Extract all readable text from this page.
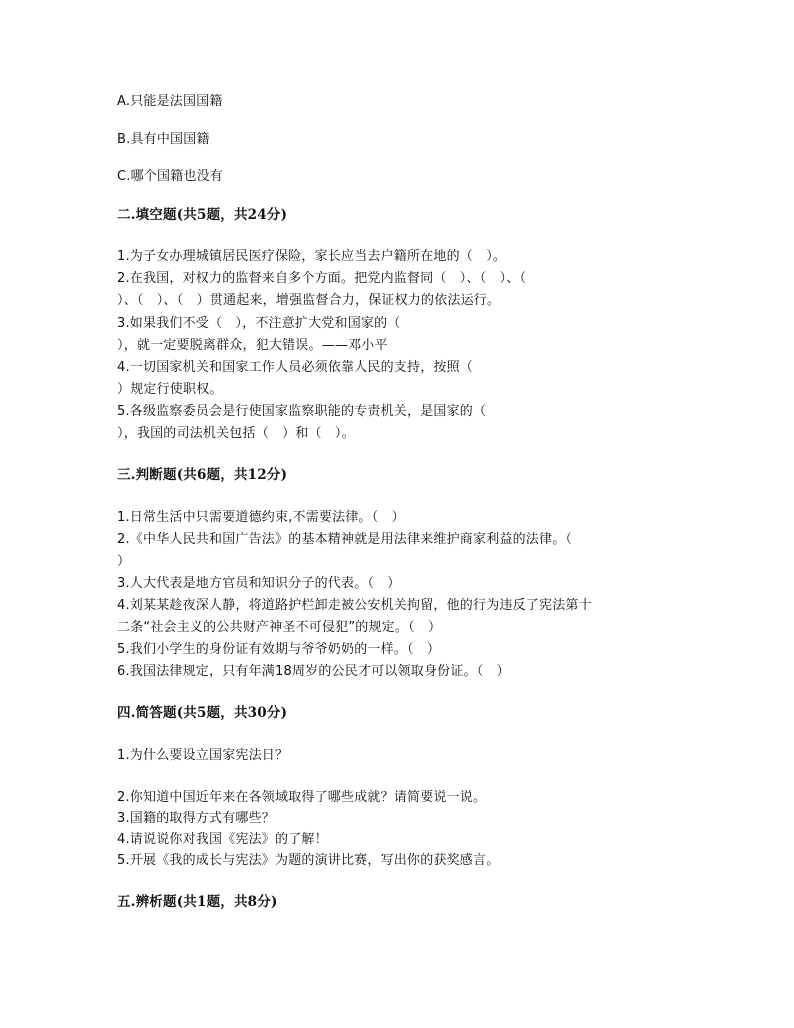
A.只能是法国国籍
B.具有中国国籍
C.哪个国籍也没有
二.填空题(共5题，共24分)
1.为子女办理城镇居民医疗保险，家长应当去户籍所在地的（　）。
2.在我国，对权力的监督来自多个方面。把党内监督同（　）、（　）、（
）、（　）、（　）贯通起来，增强监督合力，保证权力的依法运行。
3.如果我们不受（　），不注意扩大党和国家的（
），就一定要脱离群众，犯大错误。——邓小平
4.一切国家机关和国家工作人员必须依靠人民的支持，按照（
）规定行使职权。
5.各级监察委员会是行使国家监察职能的专责机关，是国家的（
），我国的司法机关包括（　）和（　）。
三.判断题(共6题，共12分)
1.日常生活中只需要道德约束,不需要法律。（　）
2.《中华人民共和国广告法》的基本精神就是用法律来维护商家利益的法律。（
）
3.人大代表是地方官员和知识分子的代表。（　）
4.刘某某趁夜深人静，将道路护栏卸走被公安机关拘留，他的行为违反了宪法第十
二条“社会主义的公共财产神圣不可侵犯”的规定。（　）
5.我们小学生的身份证有效期与爷爷奶奶的一样。（　）
6.我国法律规定，只有年满18周岁的公民才可以领取身份证。（　）
四.简答题(共5题，共30分)
1.为什么要设立国家宪法日？
2.你知道中国近年来在各领域取得了哪些成就？请简要说一说。
3.国籍的取得方式有哪些？
4.请说说你对我国《宪法》的了解！
5.开展《我的成长与宪法》为题的演讲比赛，写出你的获奖感言。
五.辨析题(共1题，共8分)
